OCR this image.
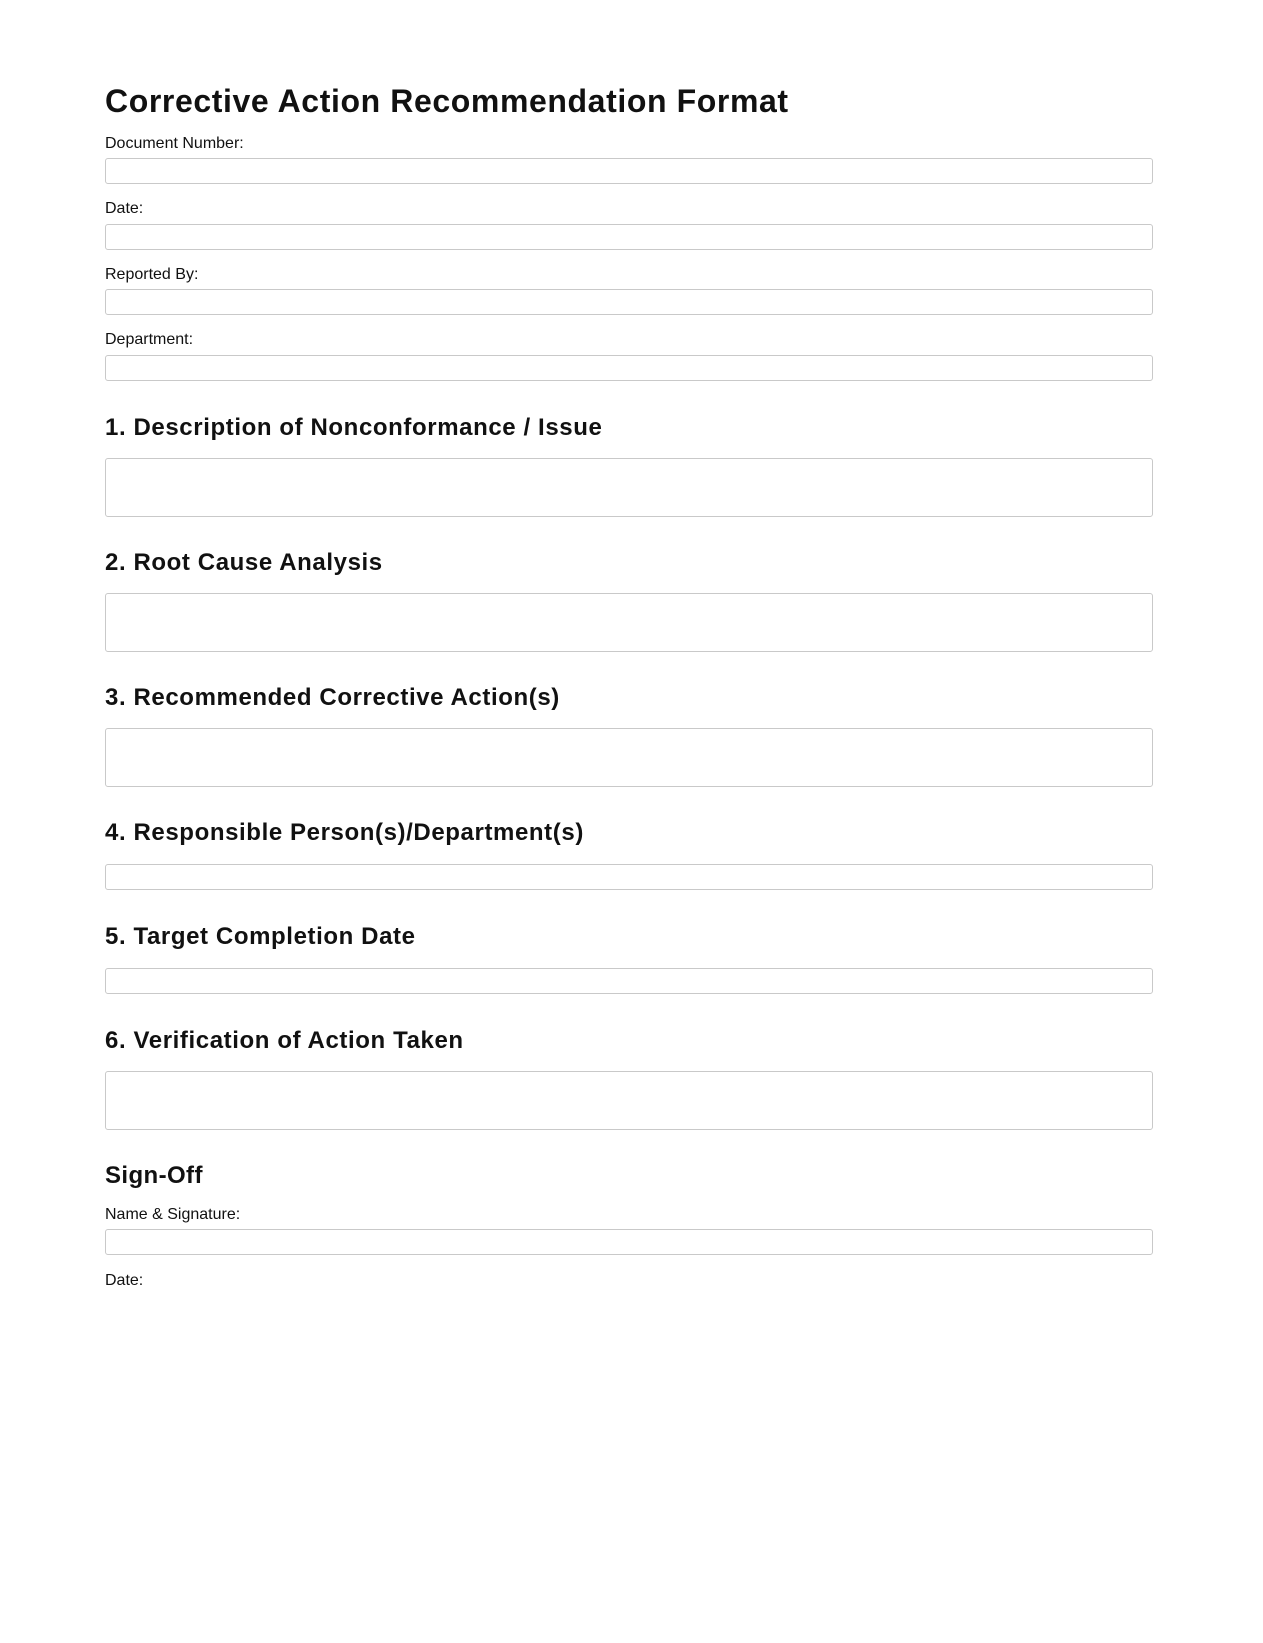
Corrective Action Recommendation Format
Document Number:
Date:
Reported By:
Department:
1. Description of Nonconformance / Issue
2. Root Cause Analysis
3. Recommended Corrective Action(s)
4. Responsible Person(s)/Department(s)
5. Target Completion Date
6. Verification of Action Taken
Sign-Off
Name & Signature:
Date:
